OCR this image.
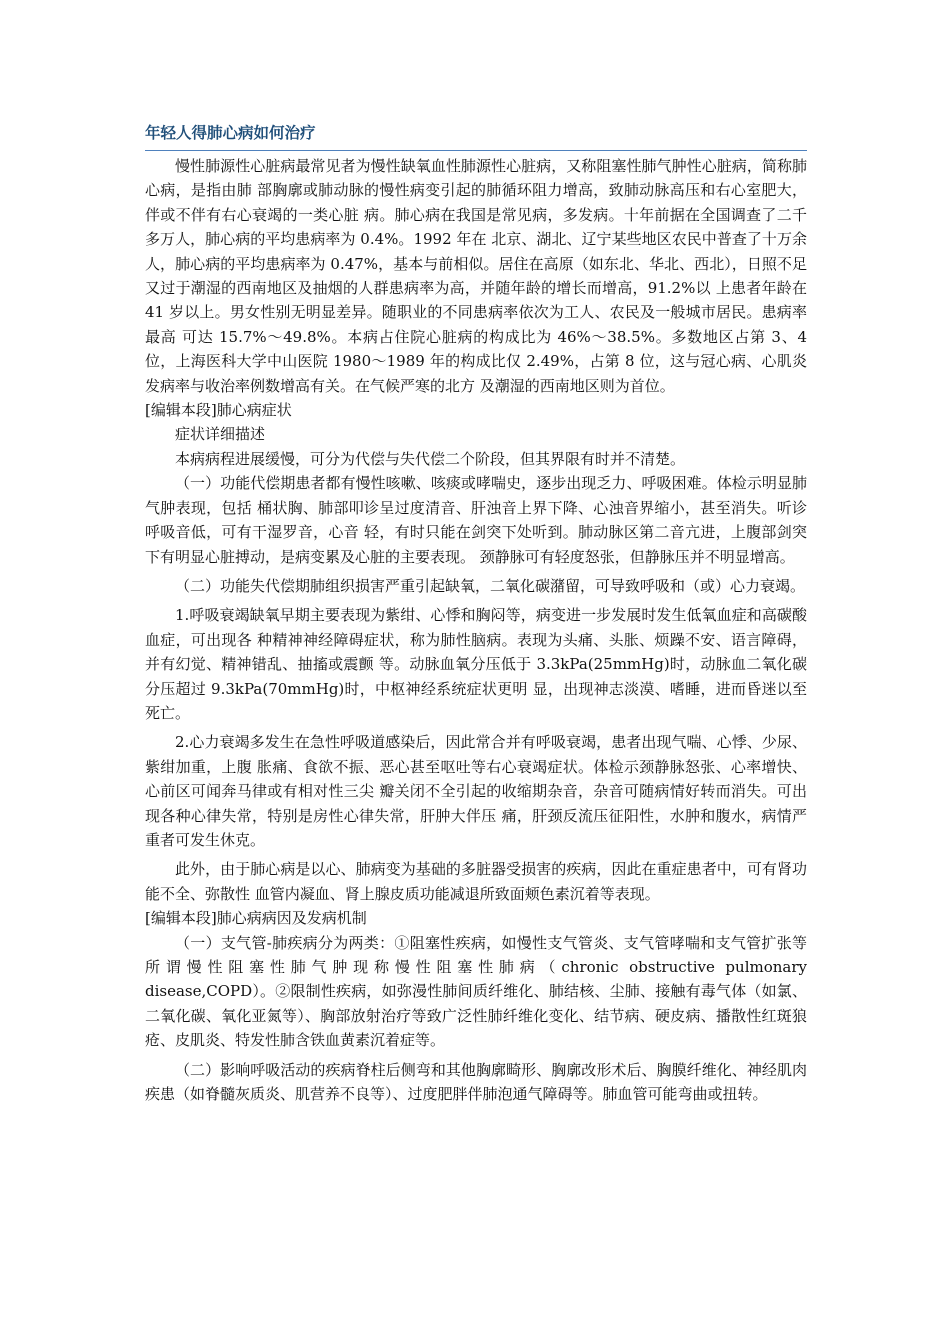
年轻人得肺心病如何治疗

慢性肺源性心脏病最常见者为慢性缺氧血性肺源性心脏病，又称阻塞性肺气肿性心脏病，简称肺心病，是指由肺 部胸廓或肺动脉的慢性病变引起的肺循环阻力增高，致肺动脉高压和右心室肥大，伴或不伴有右心衰竭的一类心脏 病。肺心病在我国是常见病，多发病。十年前据在全国调查了二千多万人，肺心病的平均患病率为 0.4%。1992 年在 北京、湖北、辽宁某些地区农民中普查了十万余人，肺心病的平均患病率为 0.47%，基本与前相似。居住在高原（如东北、华北、西北），日照不足又过于潮湿的西南地区及抽烟的人群患病率为高，并随年龄的增长而增高，91.2%以 上患者年龄在 41 岁以上。男女性别无明显差异。随职业的不同患病率依次为工人、农民及一般城市居民。患病率最高 可达 15.7%～49.8%。本病占住院心脏病的构成比为 46%～38.5%。多数地区占第 3、4 位，上海医科大学中山医院 1980～1989 年的构成比仅 2.49%，占第 8 位，这与冠心病、心肌炎发病率与收治率例数增高有关。在气候严寒的北方 及潮湿的西南地区则为首位。

[编辑本段]肺心病症状

症状详细描述

本病病程进展缓慢，可分为代偿与失代偿二个阶段，但其界限有时并不清楚。

（一）功能代偿期患者都有慢性咳嗽、咳痰或哮喘史，逐步出现乏力、呼吸困难。体检示明显肺气肿表现，包括 桶状胸、肺部叩诊呈过度清音、肝浊音上界下降、心浊音界缩小，甚至消失。听诊呼吸音低，可有干湿罗音，心音 轻，有时只能在剑突下处听到。肺动脉区第二音亢进，上腹部剑突下有明显心脏搏动，是病变累及心脏的主要表现。 颈静脉可有轻度怒张，但静脉压并不明显增高。

（二）功能失代偿期肺组织损害严重引起缺氧，二氧化碳潴留，可导致呼吸和（或）心力衰竭。

1.呼吸衰竭缺氧早期主要表现为紫绀、心悸和胸闷等，病变进一步发展时发生低氧血症和高碳酸血症，可出现各 种精神神经障碍症状，称为肺性脑病。表现为头痛、头胀、烦躁不安、语言障碍，并有幻觉、精神错乱、抽搐或震颤 等。动脉血氧分压低于 3.3kPa(25mmHg)时，动脉血二氧化碳分压超过 9.3kPa(70mmHg)时，中枢神经系统症状更明 显，出现神志淡漠、嗜睡，进而昏迷以至死亡。

2.心力衰竭多发生在急性呼吸道感染后，因此常合并有呼吸衰竭，患者出现气喘、心悸、少尿、紫绀加重，上腹 胀痛、食欲不振、恶心甚至呕吐等右心衰竭症状。体检示颈静脉怒张、心率增快、心前区可闻奔马律或有相对性三尖 瓣关闭不全引起的收缩期杂音，杂音可随病情好转而消失。可出现各种心律失常，特别是房性心律失常，肝肿大伴压 痛，肝颈反流压征阳性，水肿和腹水，病情严重者可发生休克。

此外，由于肺心病是以心、肺病变为基础的多脏器受损害的疾病，因此在重症患者中，可有肾功能不全、弥散性 血管内凝血、肾上腺皮质功能减退所致面颊色素沉着等表现。

[编辑本段]肺心病病因及发病机制

（一）支气管-肺疾病分为两类：①阻塞性疾病，如慢性支气管炎、支气管哮喘和支气管扩张等所谓慢性阻塞性肺气肿现称慢性阻塞性肺病（chronic obstructive pulmonary disease,COPD）。②限制性疾病，如弥漫性肺间质纤维化、肺结核、尘肺、接触有毒气体（如氯、二氧化碳、氧化亚氮等）、胸部放射治疗等致广泛性肺纤维化变化、结节病、硬皮病、播散性红斑狼疮、皮肌炎、特发性肺含铁血黄素沉着症等。

（二）影响呼吸活动的疾病脊柱后侧弯和其他胸廓畸形、胸廓改形术后、胸膜纤维化、神经肌肉疾患（如脊髓灰质炎、肌营养不良等）、过度肥胖伴肺泡通气障碍等。肺血管可能弯曲或扭转。
